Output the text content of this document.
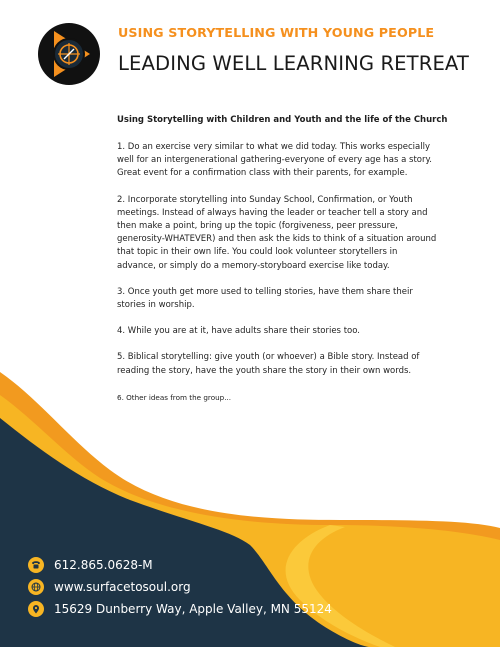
USING STORYTELLING WITH YOUNG PEOPLE
LEADING WELL LEARNING RETREAT
Using Storytelling with Children and Youth and the life of the Church

1. Do an exercise very similar to what we did today. This works especially well for an intergenerational gathering-everyone of every age has a story. Great event for a confirmation class with their parents, for example.

2. Incorporate storytelling into Sunday School, Confirmation, or Youth meetings. Instead of always having the leader or teacher tell a story and then make a point, bring up the topic (forgiveness, peer pressure, generosity-WHATEVER) and then ask the kids to think of a situation around that topic in their own life. You could look volunteer storytellers in advance, or simply do a memory-storyboard exercise like today.

3. Once youth get more used to telling stories, have them share their stories in worship.

4. While you are at it, have adults share their stories too.

5. Biblical storytelling: give youth (or whoever) a Bible story. Instead of reading the story, have the youth share the story in their own words.

6. Other ideas from the group...

612.865.0628-M
www.surfacetosoul.org
15629 Dunberry Way, Apple Valley, MN 55124
